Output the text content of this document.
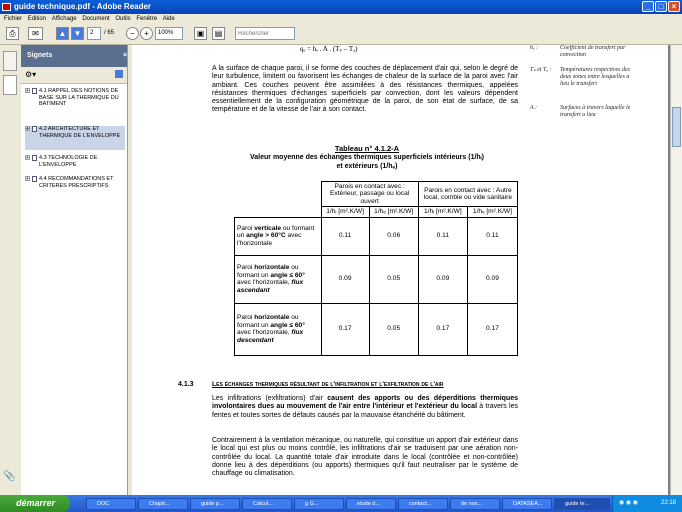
guide technique.pdf - Adobe Reader	_	□	×
Fichier Edition Affichage Document Outils Fenêtre Aide
⎙	✉	▲ ▼	2	/ 65	−	+	100%	▣	▤
Rechercher
📎
Signets	×
⚙▾
+ 4.1 RAPPEL DES NOTIONS DE BASE SUR LA THERMIQUE DU BATIMENT
+ 4.2 ARCHITECTURE ET THERMIQUE DE L'ENVELOPPE
+ 4.3 TECHNOLOGIE DE L'ENVELOPPE
+ 4.4 RECOMMANDATIONS ET CRITERES PRESCRIPTIFS
qₑ = hₑ . A . (Tₛ – Tₐ)
A la surface de chaque paroi, il se forme des couches de déplacement d'air qui, selon le degré de leur turbulence, limitent ou favorisent les échanges de chaleur de la surface de la paroi avec l'air ambiant. Ces couches peuvent être assimilées à des résistances thermiques, appelées résistances thermiques d'échanges superficiels par convection, dont les valeurs dépendent essentiellement de la configuration géométrique de la paroi, de son état de surface, de sa température et de la vitesse de l'air à son contact.
hₑ :	Coefficient de transfert par convection
Tₛ et Tₐ :	Températures respectives des deux zones entre lesquelles a lieu le transfert
A :	Surfaces à travers laquelle le transfert a lieu
Tableau n° 4.1.2-A
Valeur moyenne des échanges thermiques superficiels intérieurs (1/hᵢ)
et extérieurs (1/hₑ)
	Parois en contact avec : Extérieur, passage ou local ouvert		Parois en contact avec : Autre local, comble ou vide sanitaire	
	1/hᵢ [m².K/W]	1/hₑ [m².K/W]	1/hᵢ [m².K/W]	1/hₑ [m².K/W]
Paroi verticale ou formant un angle > 60°C avec l'horizontale	0.11	0.06	0.11	0.11
Paroi horizontale ou formant un angle ≤ 60° avec l'horizontale, flux ascendant	0.09	0.05	0.09	0.09
Paroi horizontale ou formant un angle ≤ 60° avec l'horizontale, flux descendant	0.17	0.05	0.17	0.17
4.1.3	Les échanges thermiques résultant de l'infiltration et l'exfiltration de l'air
Les infiltrations (exfiltrations) d'air causent des apports ou des déperditions thermiques involontaires dues au mouvement de l'air entre l'intérieur et l'extérieur du local à travers les fentes et toutes sortes de défauts causés par la mauvaise étanchéité du bâtiment.
Contrairement à la ventilation mécanique, ou naturelle, qui constitue un apport d'air extérieur dans le local qui est plus ou moins contrôlé, les infiltrations d'air se traduisent par une aération non-contrôlée du local. La quantité totale d'air introduite dans le local (contrôlée et non-contrôlée) donne lieu à des déperditions (ou apports) thermiques qu'il faut neutraliser par le système de chauffage ou climatisation.
démarrer	DOC	Chapit...	guide p...	Calcul...	g G...	etude d...	contact...	de nos...	DATASEA...	guide te...	◉ ◉ ◉	22:18
